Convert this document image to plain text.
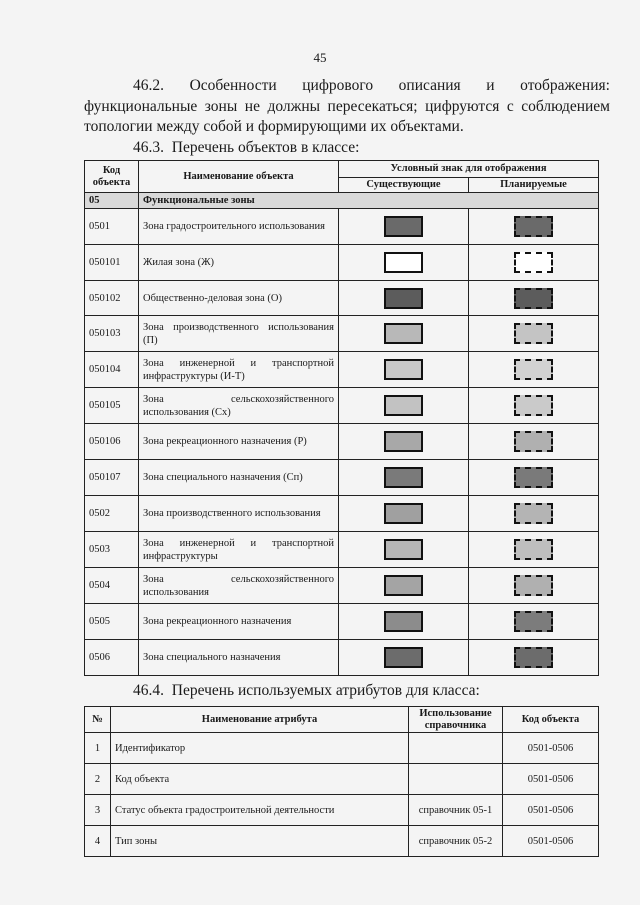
45
46.2. Особенности цифрового описания и отображения:
функциональные зоны не должны пересекаться; цифруются с соблюдением
топологии между собой и формирующими их объектами.
46.3. Перечень объектов в классе:
Код объекта	Наименование объекта	Условный знак для отображения	
		Существующие	Планируемые
05	Функциональные зоны		
0501	Зона градостроительного использования		
050101	Жилая зона (Ж)		
050102	Общественно-деловая зона (О)		
050103	Зона производственного использования
(П)		

050104	Зона инженерной и транспортной
инфраструктуры (И-Т)		

050105	Зона сельскохозяйственного
использования (Сх)		

050106	Зона рекреационного назначения (Р)		
050107	Зона специального назначения (Сп)		
0502	Зона производственного использования		
0503	Зона инженерной и транспортной
инфраструктуры		

0504	Зона сельскохозяйственного
использования		

0505	Зона рекреационного назначения		
0506	Зона специального назначения		
46.4. Перечень используемых атрибутов для класса:
№	Наименование атрибута	Использование справочника	Код объекта
1	Идентификатор		0501-0506
2	Код объекта		0501-0506
3	Статус объекта градостроительной деятельности	справочник 05-1	0501-0506
4	Тип зоны	справочник 05-2	0501-0506
